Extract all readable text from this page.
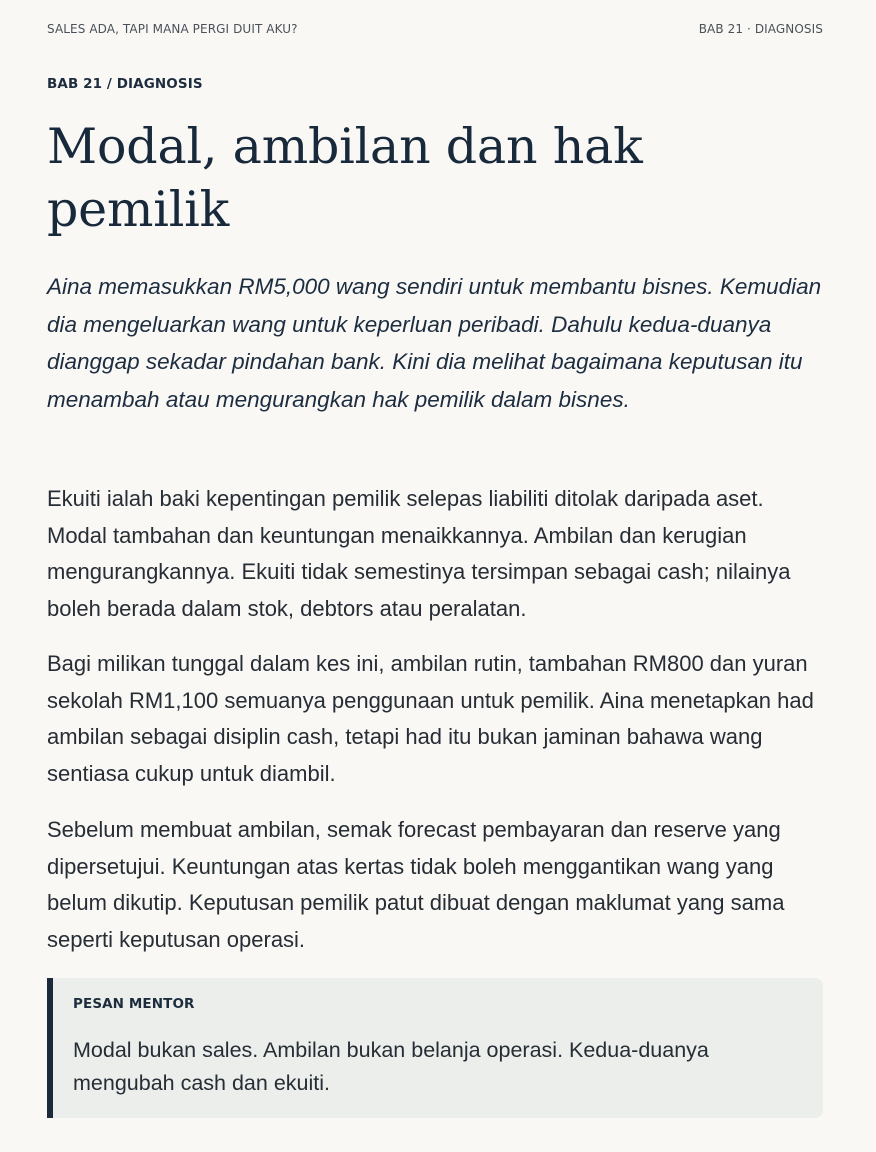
SALES ADA, TAPI MANA PERGI DUIT AKU?	BAB 21 · DIAGNOSIS
BAB 21 / DIAGNOSIS
Modal, ambilan dan hak pemilik

Aina memasukkan RM5,000 wang sendiri untuk membantu bisnes. Kemudian dia mengeluarkan wang untuk keperluan peribadi. Dahulu kedua-duanya dianggap sekadar pindahan bank. Kini dia melihat bagaimana keputusan itu menambah atau mengurangkan hak pemilik dalam bisnes.

Ekuiti ialah baki kepentingan pemilik selepas liabiliti ditolak daripada aset. Modal tambahan dan keuntungan menaikkannya. Ambilan dan kerugian mengurangkannya. Ekuiti tidak semestinya tersimpan sebagai cash; nilainya boleh berada dalam stok, debtors atau peralatan.

Bagi milikan tunggal dalam kes ini, ambilan rutin, tambahan RM800 dan yuran sekolah RM1,100 semuanya penggunaan untuk pemilik. Aina menetapkan had ambilan sebagai disiplin cash, tetapi had itu bukan jaminan bahawa wang sentiasa cukup untuk diambil.

Sebelum membuat ambilan, semak forecast pembayaran dan reserve yang dipersetujui. Keuntungan atas kertas tidak boleh menggantikan wang yang belum dikutip. Keputusan pemilik patut dibuat dengan maklumat yang sama seperti keputusan operasi.

PESAN MENTOR

Modal bukan sales. Ambilan bukan belanja operasi. Kedua-duanya mengubah cash dan ekuiti.
